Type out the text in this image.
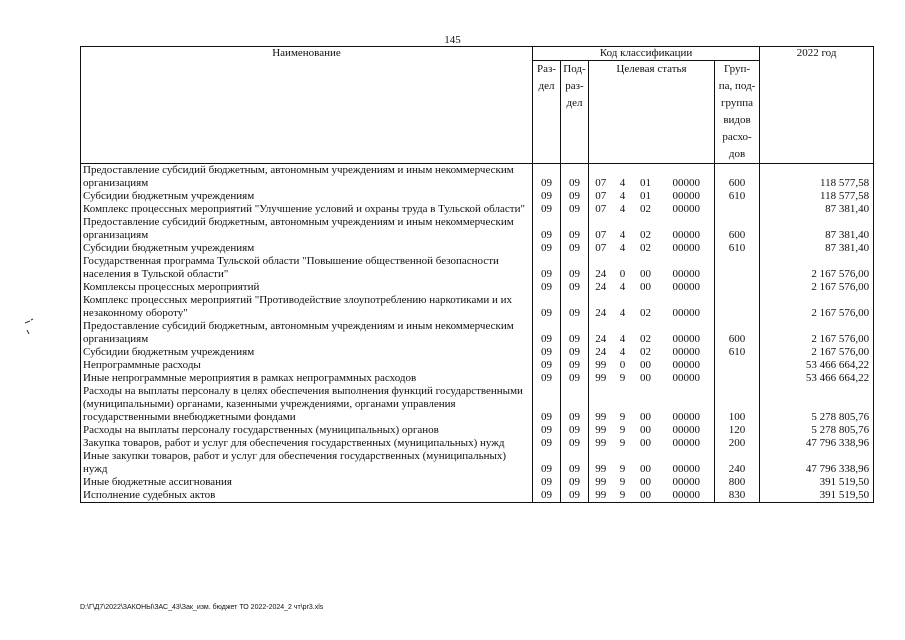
145
Наименование	Код классификации							2022 год
	Раз- дел	Под- раз- дел	Целевая статья				Груп- па, под- группа видов расхо- дов	
Предоставление субсидий бюджетным, автономным учреждениям и иным некоммерческим организациям	09	09	07	4	01	00000	600	118 577,58
Субсидии бюджетным учреждениям	09	09	07	4	01	00000	610	118 577,58
Комплекс процессных мероприятий "Улучшение условий и охраны труда в Тульской области"	09	09	07	4	02	00000		87 381,40
Предоставление субсидий бюджетным, автономным учреждениям и иным некоммерческим организациям	09	09	07	4	02	00000	600	87 381,40
Субсидии бюджетным учреждениям	09	09	07	4	02	00000	610	87 381,40
Государственная программа Тульской области "Повышение общественной безопасности населения в Тульской области"	09	09	24	0	00	00000		2 167 576,00
Комплексы процессных мероприятий	09	09	24	4	00	00000		2 167 576,00
Комплекс процессных мероприятий "Противодействие злоупотреблению наркотиками и их незаконному обороту"	09	09	24	4	02	00000		2 167 576,00
Предоставление субсидий бюджетным, автономным учреждениям и иным некоммерческим организациям	09	09	24	4	02	00000	600	2 167 576,00
Субсидии бюджетным учреждениям	09	09	24	4	02	00000	610	2 167 576,00
Непрограммные расходы	09	09	99	0	00	00000		53 466 664,22
Иные непрограммные мероприятия в рамках непрограммных расходов	09	09	99	9	00	00000		53 466 664,22
Расходы на выплаты персоналу в целях обеспечения выполнения функций государственными (муниципальными) органами, казенными учреждениями, органами управления государственными внебюджетными фондами	09	09	99	9	00	00000	100	5 278 805,76
Расходы на выплаты персоналу государственных (муниципальных) органов	09	09	99	9	00	00000	120	5 278 805,76
Закупка товаров, работ и услуг для обеспечения государственных (муниципальных) нужд	09	09	99	9	00	00000	200	47 796 338,96
Иные закупки товаров, работ и услуг для обеспечения государственных (муниципальных) нужд	09	09	99	9	00	00000	240	47 796 338,96
Иные бюджетные ассигнования	09	09	99	9	00	00000	800	391 519,50
Исполнение судебных актов	09	09	99	9	00	00000	830	391 519,50
D:\Г\Д7\2022\ЗАКОНЫ\ЗАС_43\Зак_изм. бюджет ТО 2022-2024_2 чт\pr3.xls
